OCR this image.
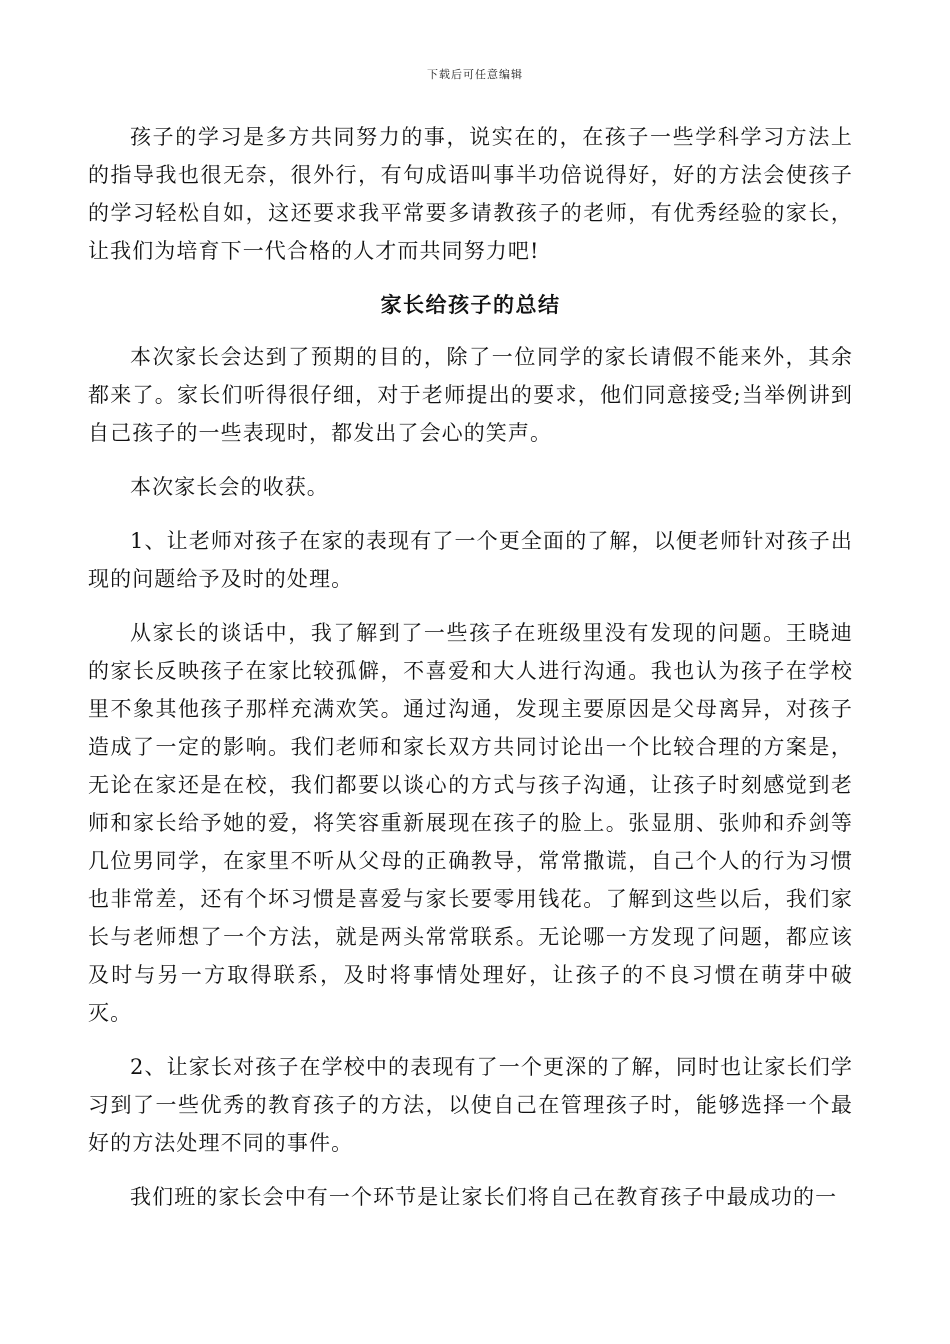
下载后可任意编辑

孩子的学习是多方共同努力的事，说实在的，在孩子一些学科学习方法上的指导我也很无奈，很外行，有句成语叫事半功倍说得好，好的方法会使孩子的学习轻松自如，这还要求我平常要多请教孩子的老师，有优秀经验的家长，让我们为培育下一代合格的人才而共同努力吧!

家长给孩子的总结

本次家长会达到了预期的目的，除了一位同学的家长请假不能来外，其余都来了。家长们听得很仔细，对于老师提出的要求，他们同意接受;当举例讲到自己孩子的一些表现时，都发出了会心的笑声。

本次家长会的收获。

1、让老师对孩子在家的表现有了一个更全面的了解，以便老师针对孩子出现的问题给予及时的处理。

从家长的谈话中，我了解到了一些孩子在班级里没有发现的问题。王晓迪的家长反映孩子在家比较孤僻，不喜爱和大人进行沟通。我也认为孩子在学校里不象其他孩子那样充满欢笑。通过沟通，发现主要原因是父母离异，对孩子造成了一定的影响。我们老师和家长双方共同讨论出一个比较合理的方案是，无论在家还是在校，我们都要以谈心的方式与孩子沟通，让孩子时刻感觉到老师和家长给予她的爱，将笑容重新展现在孩子的脸上。张显朋、张帅和乔剑等几位男同学，在家里不听从父母的正确教导，常常撒谎，自己个人的行为习惯也非常差，还有个坏习惯是喜爱与家长要零用钱花。了解到这些以后，我们家长与老师想了一个方法，就是两头常常联系。无论哪一方发现了问题，都应该及时与另一方取得联系，及时将事情处理好，让孩子的不良习惯在萌芽中破灭。

2、让家长对孩子在学校中的表现有了一个更深的了解，同时也让家长们学习到了一些优秀的教育孩子的方法，以使自己在管理孩子时，能够选择一个最好的方法处理不同的事件。

我们班的家长会中有一个环节是让家长们将自己在教育孩子中最成功的一
